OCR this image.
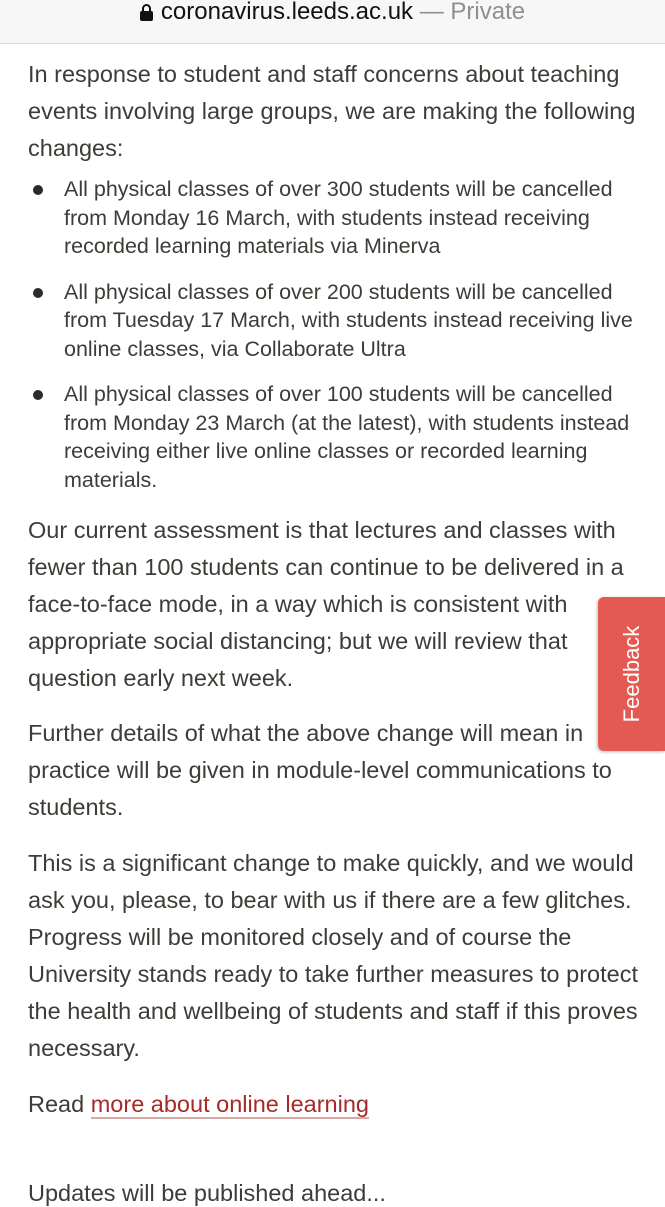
coronavirus.leeds.ac.uk — Private

In response to student and staff concerns about teaching events involving large groups, we are making the following changes:

All physical classes of over 300 students will be cancelled from Monday 16 March, with students instead receiving recorded learning materials via Minerva
All physical classes of over 200 students will be cancelled from Tuesday 17 March, with students instead receiving live online classes, via Collaborate Ultra
All physical classes of over 100 students will be cancelled from Monday 23 March (at the latest), with students instead receiving either live online classes or recorded learning materials.

Our current assessment is that lectures and classes with fewer than 100 students can continue to be delivered in a face-to-face mode, in a way which is consistent with appropriate social distancing; but we will review that question early next week.

Further details of what the above change will mean in practice will be given in module-level communications to students.

This is a significant change to make quickly, and we would ask you, please, to bear with us if there are a few glitches. Progress will be monitored closely and of course the University stands ready to take further measures to protect the health and wellbeing of students and staff if this proves necessary.

Read more about online learning

Updates will be published ahead...
Feedback
